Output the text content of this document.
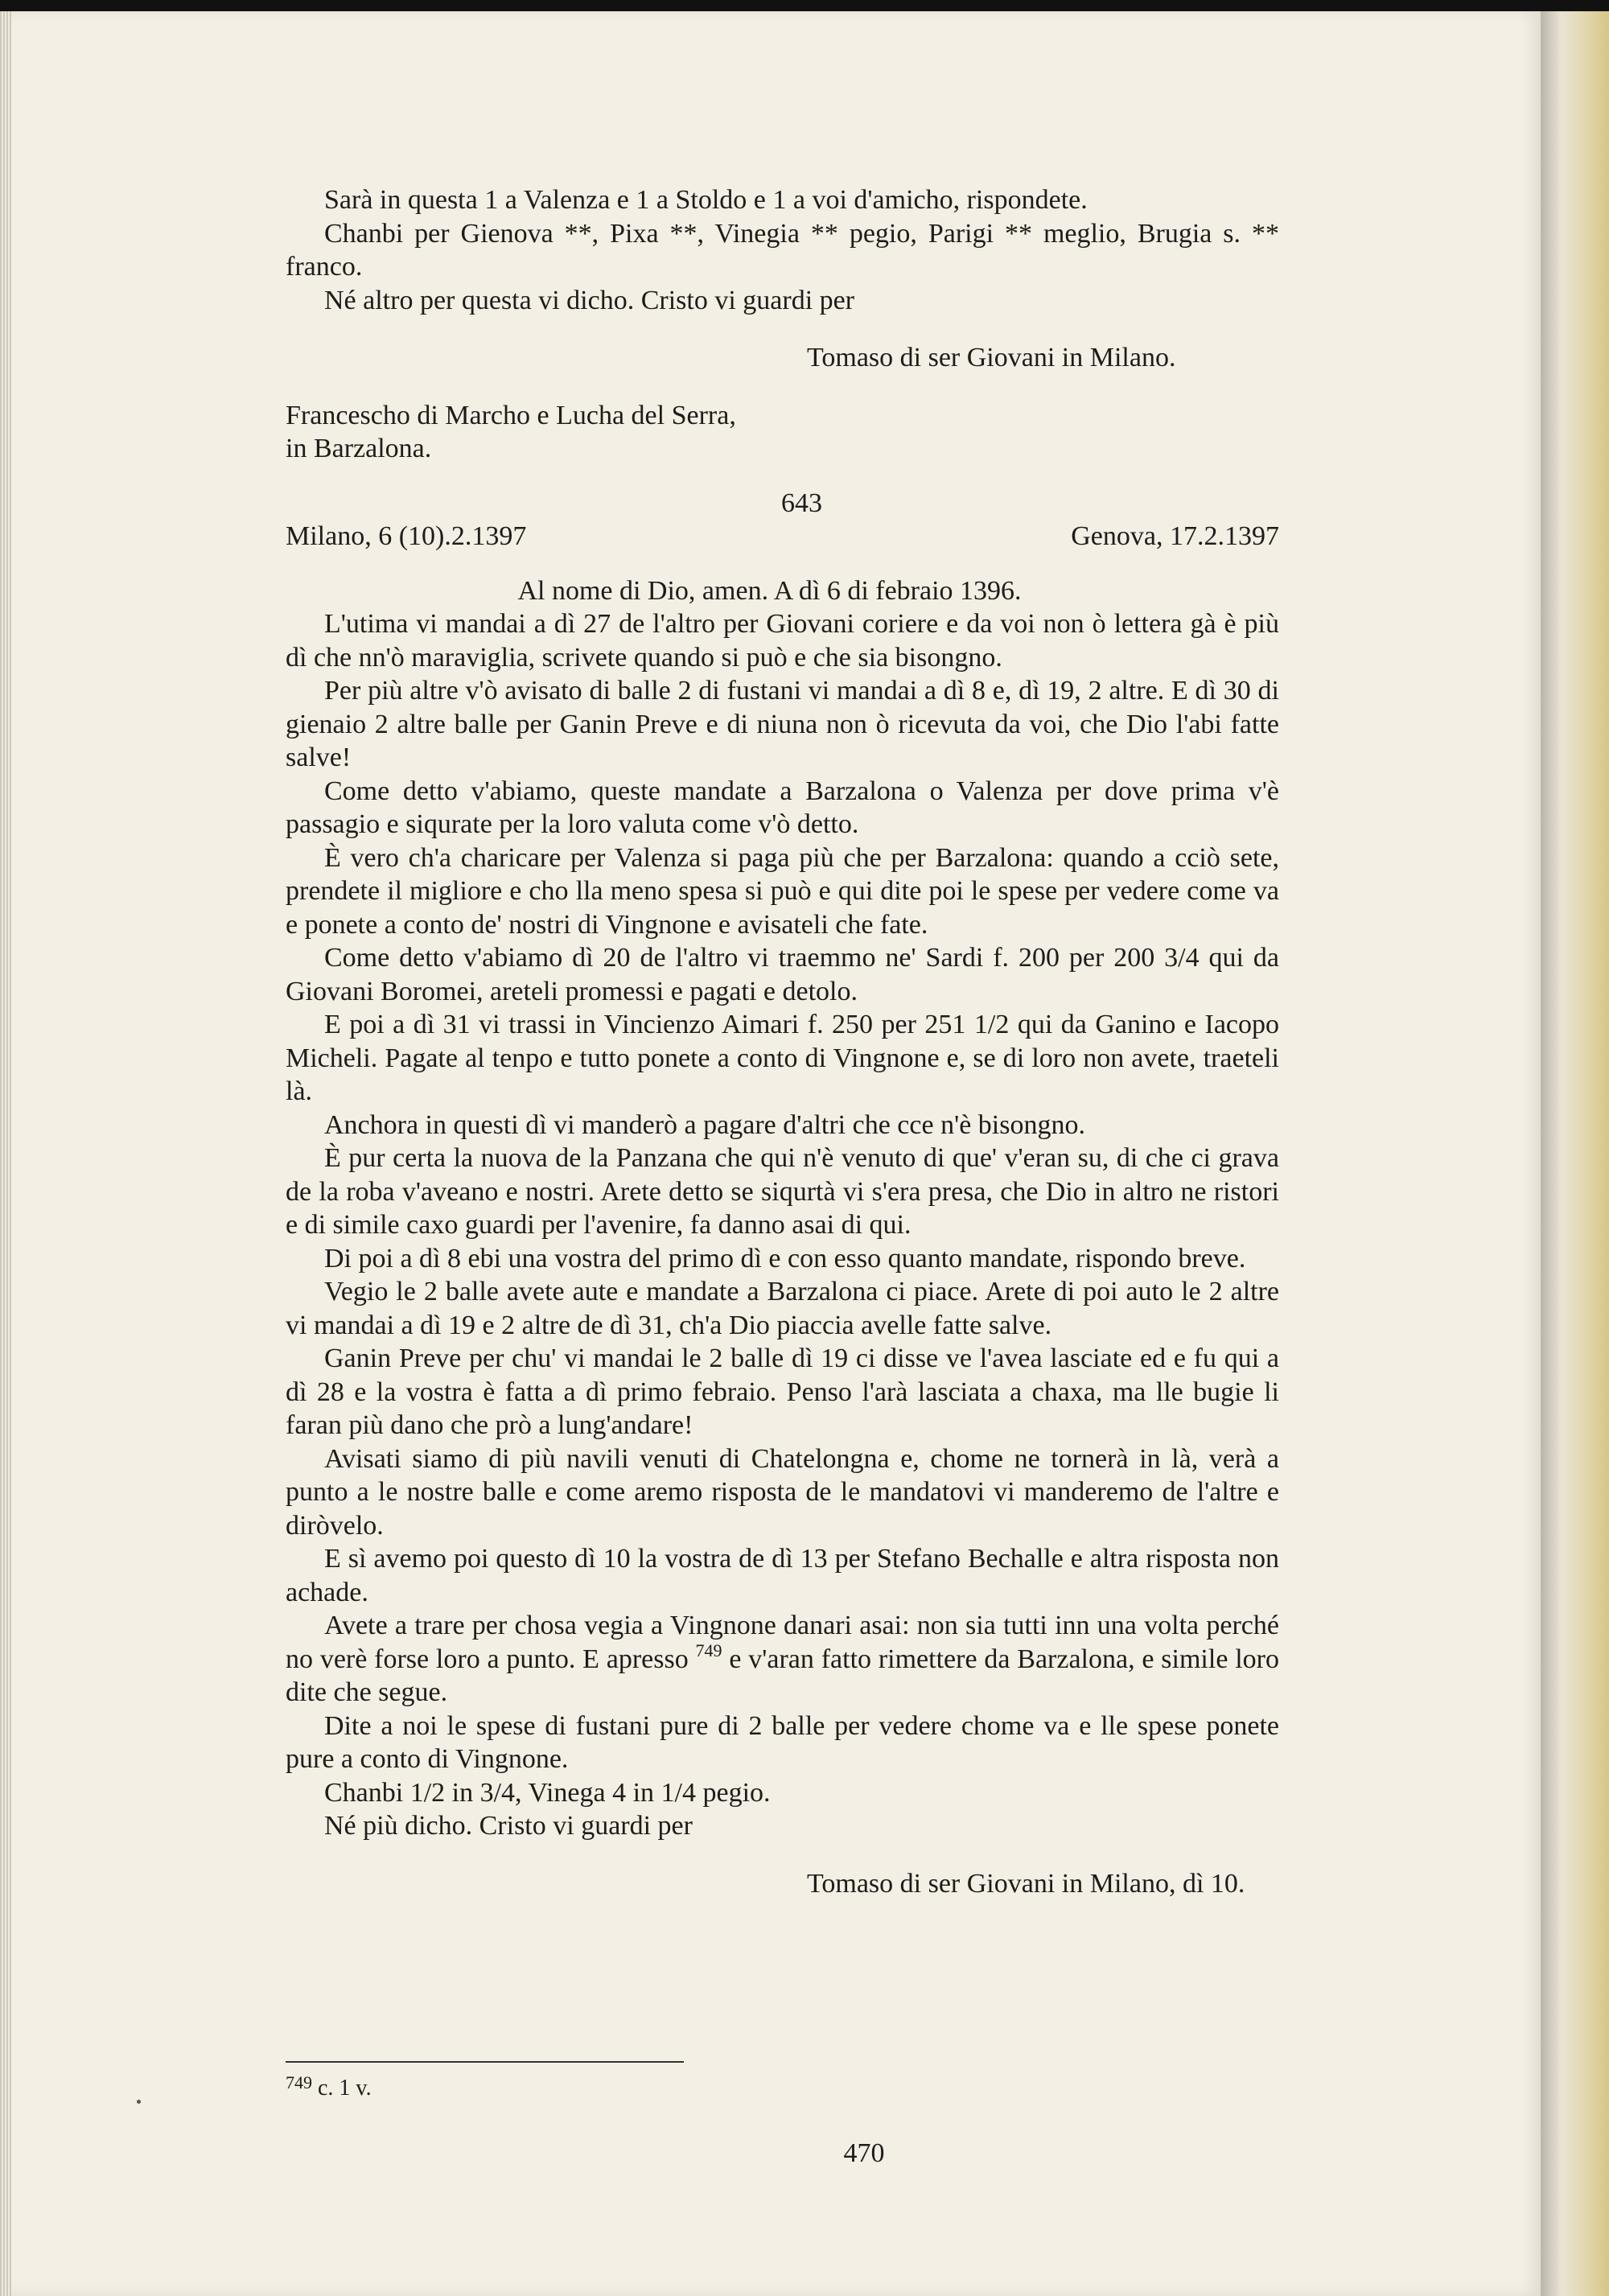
Sarà in questa 1 a Valenza e 1 a Stoldo e 1 a voi d'amicho, rispondete.

Chanbi per Gienova **, Pixa **, Vinegia ** pegio, Parigi ** meglio, Brugia s. ** franco.

Né altro per questa vi dicho. Cristo vi guardi per

Tomaso di ser Giovani in Milano.

Francescho di Marcho e Lucha del Serra,

in Barzalona.

643

Milano, 6 (10).2.1397	Genova, 17.2.1397

Al nome di Dio, amen. A dì 6 di febraio 1396.

L'utima vi mandai a dì 27 de l'altro per Giovani coriere e da voi non ò lettera gà è più dì che nn'ò maraviglia, scrivete quando si può e che sia bisongno.

Per più altre v'ò avisato di balle 2 di fustani vi mandai a dì 8 e, dì 19, 2 altre. E dì 30 di gienaio 2 altre balle per Ganin Preve e di niuna non ò ricevuta da voi, che Dio l'abi fatte salve!

Come detto v'abiamo, queste mandate a Barzalona o Valenza per dove prima v'è passagio e siqurate per la loro valuta come v'ò detto.

È vero ch'a charicare per Valenza si paga più che per Barzalona: quando a cciò sete, prendete il migliore e cho lla meno spesa si può e qui dite poi le spese per vedere come va e ponete a conto de' nostri di Vingnone e avisateli che fate.

Come detto v'abiamo dì 20 de l'altro vi traemmo ne' Sardi f. 200 per 200 3/4 qui da Giovani Boromei, areteli promessi e pagati e detolo.

E poi a dì 31 vi trassi in Vincienzo Aimari f. 250 per 251 1/2 qui da Ganino e Iacopo Micheli. Pagate al tenpo e tutto ponete a conto di Vingnone e, se di loro non avete, traeteli là.

Anchora in questi dì vi manderò a pagare d'altri che cce n'è bisongno.

È pur certa la nuova de la Panzana che qui n'è venuto di que' v'eran su, di che ci grava de la roba v'aveano e nostri. Arete detto se siqurtà vi s'era presa, che Dio in altro ne ristori e di simile caxo guardi per l'avenire, fa danno asai di qui.

Di poi a dì 8 ebi una vostra del primo dì e con esso quanto mandate, rispondo breve.

Vegio le 2 balle avete aute e mandate a Barzalona ci piace. Arete di poi auto le 2 altre vi mandai a dì 19 e 2 altre de dì 31, ch'a Dio piaccia avelle fatte salve.

Ganin Preve per chu' vi mandai le 2 balle dì 19 ci disse ve l'avea lasciate ed e fu qui a dì 28 e la vostra è fatta a dì primo febraio. Penso l'arà lasciata a chaxa, ma lle bugie li faran più dano che prò a lung'andare!

Avisati siamo di più navili venuti di Chatelongna e, chome ne tornerà in là, verà a punto a le nostre balle e come aremo risposta de le mandatovi vi manderemo de l'altre e diròvelo.

E sì avemo poi questo dì 10 la vostra de dì 13 per Stefano Bechalle e altra risposta non achade.

Avete a trare per chosa vegia a Vingnone danari asai: non sia tutti inn una volta perché no verè forse loro a punto. E apresso $^{749}$ e v'aran fatto rimettere da Barzalona, e simile loro dite che segue.

Dite a noi le spese di fustani pure di 2 balle per vedere chome va e lle spese ponete pure a conto di Vingnone.

Chanbi 1/2 in 3/4, Vinega 4 in 1/4 pegio.

Né più dicho. Cristo vi guardi per

Tomaso di ser Giovani in Milano, dì 10.

$^{749}$ c. 1 v.
470
